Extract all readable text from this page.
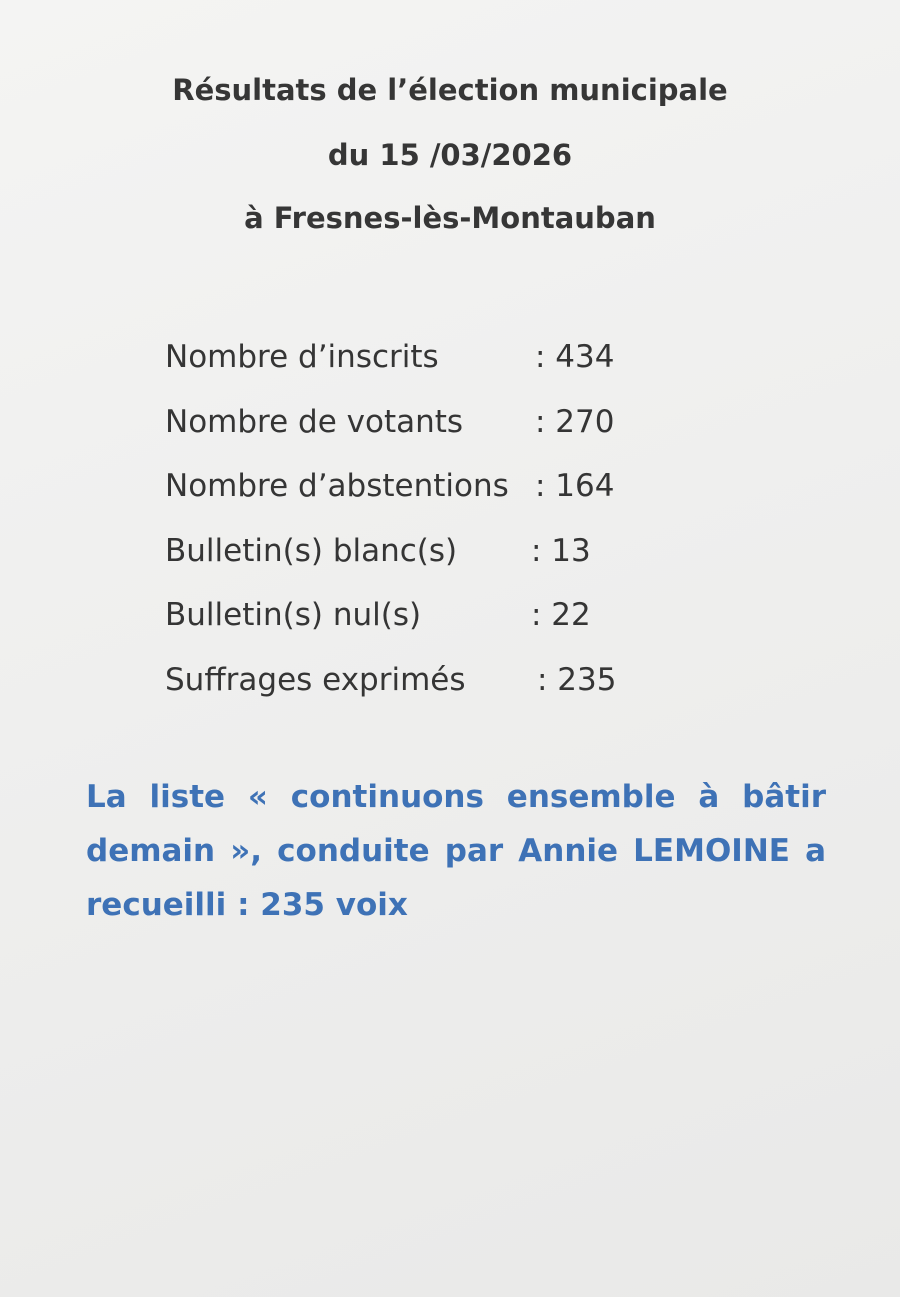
Résultats de l’élection municipale
du 15 /03/2026
à Fresnes-lès-Montauban
Nombre d’inscrits	: 434
Nombre de votants : 270
Nombre d’abstentions : 164
Bulletin(s) blanc(s) : 13
Bulletin(s) nul(s)	: 22
Suffrages exprimés : 235
La liste « continuons ensemble à bâtir demain », conduite par Annie LEMOINE a recueilli : 235 voix
